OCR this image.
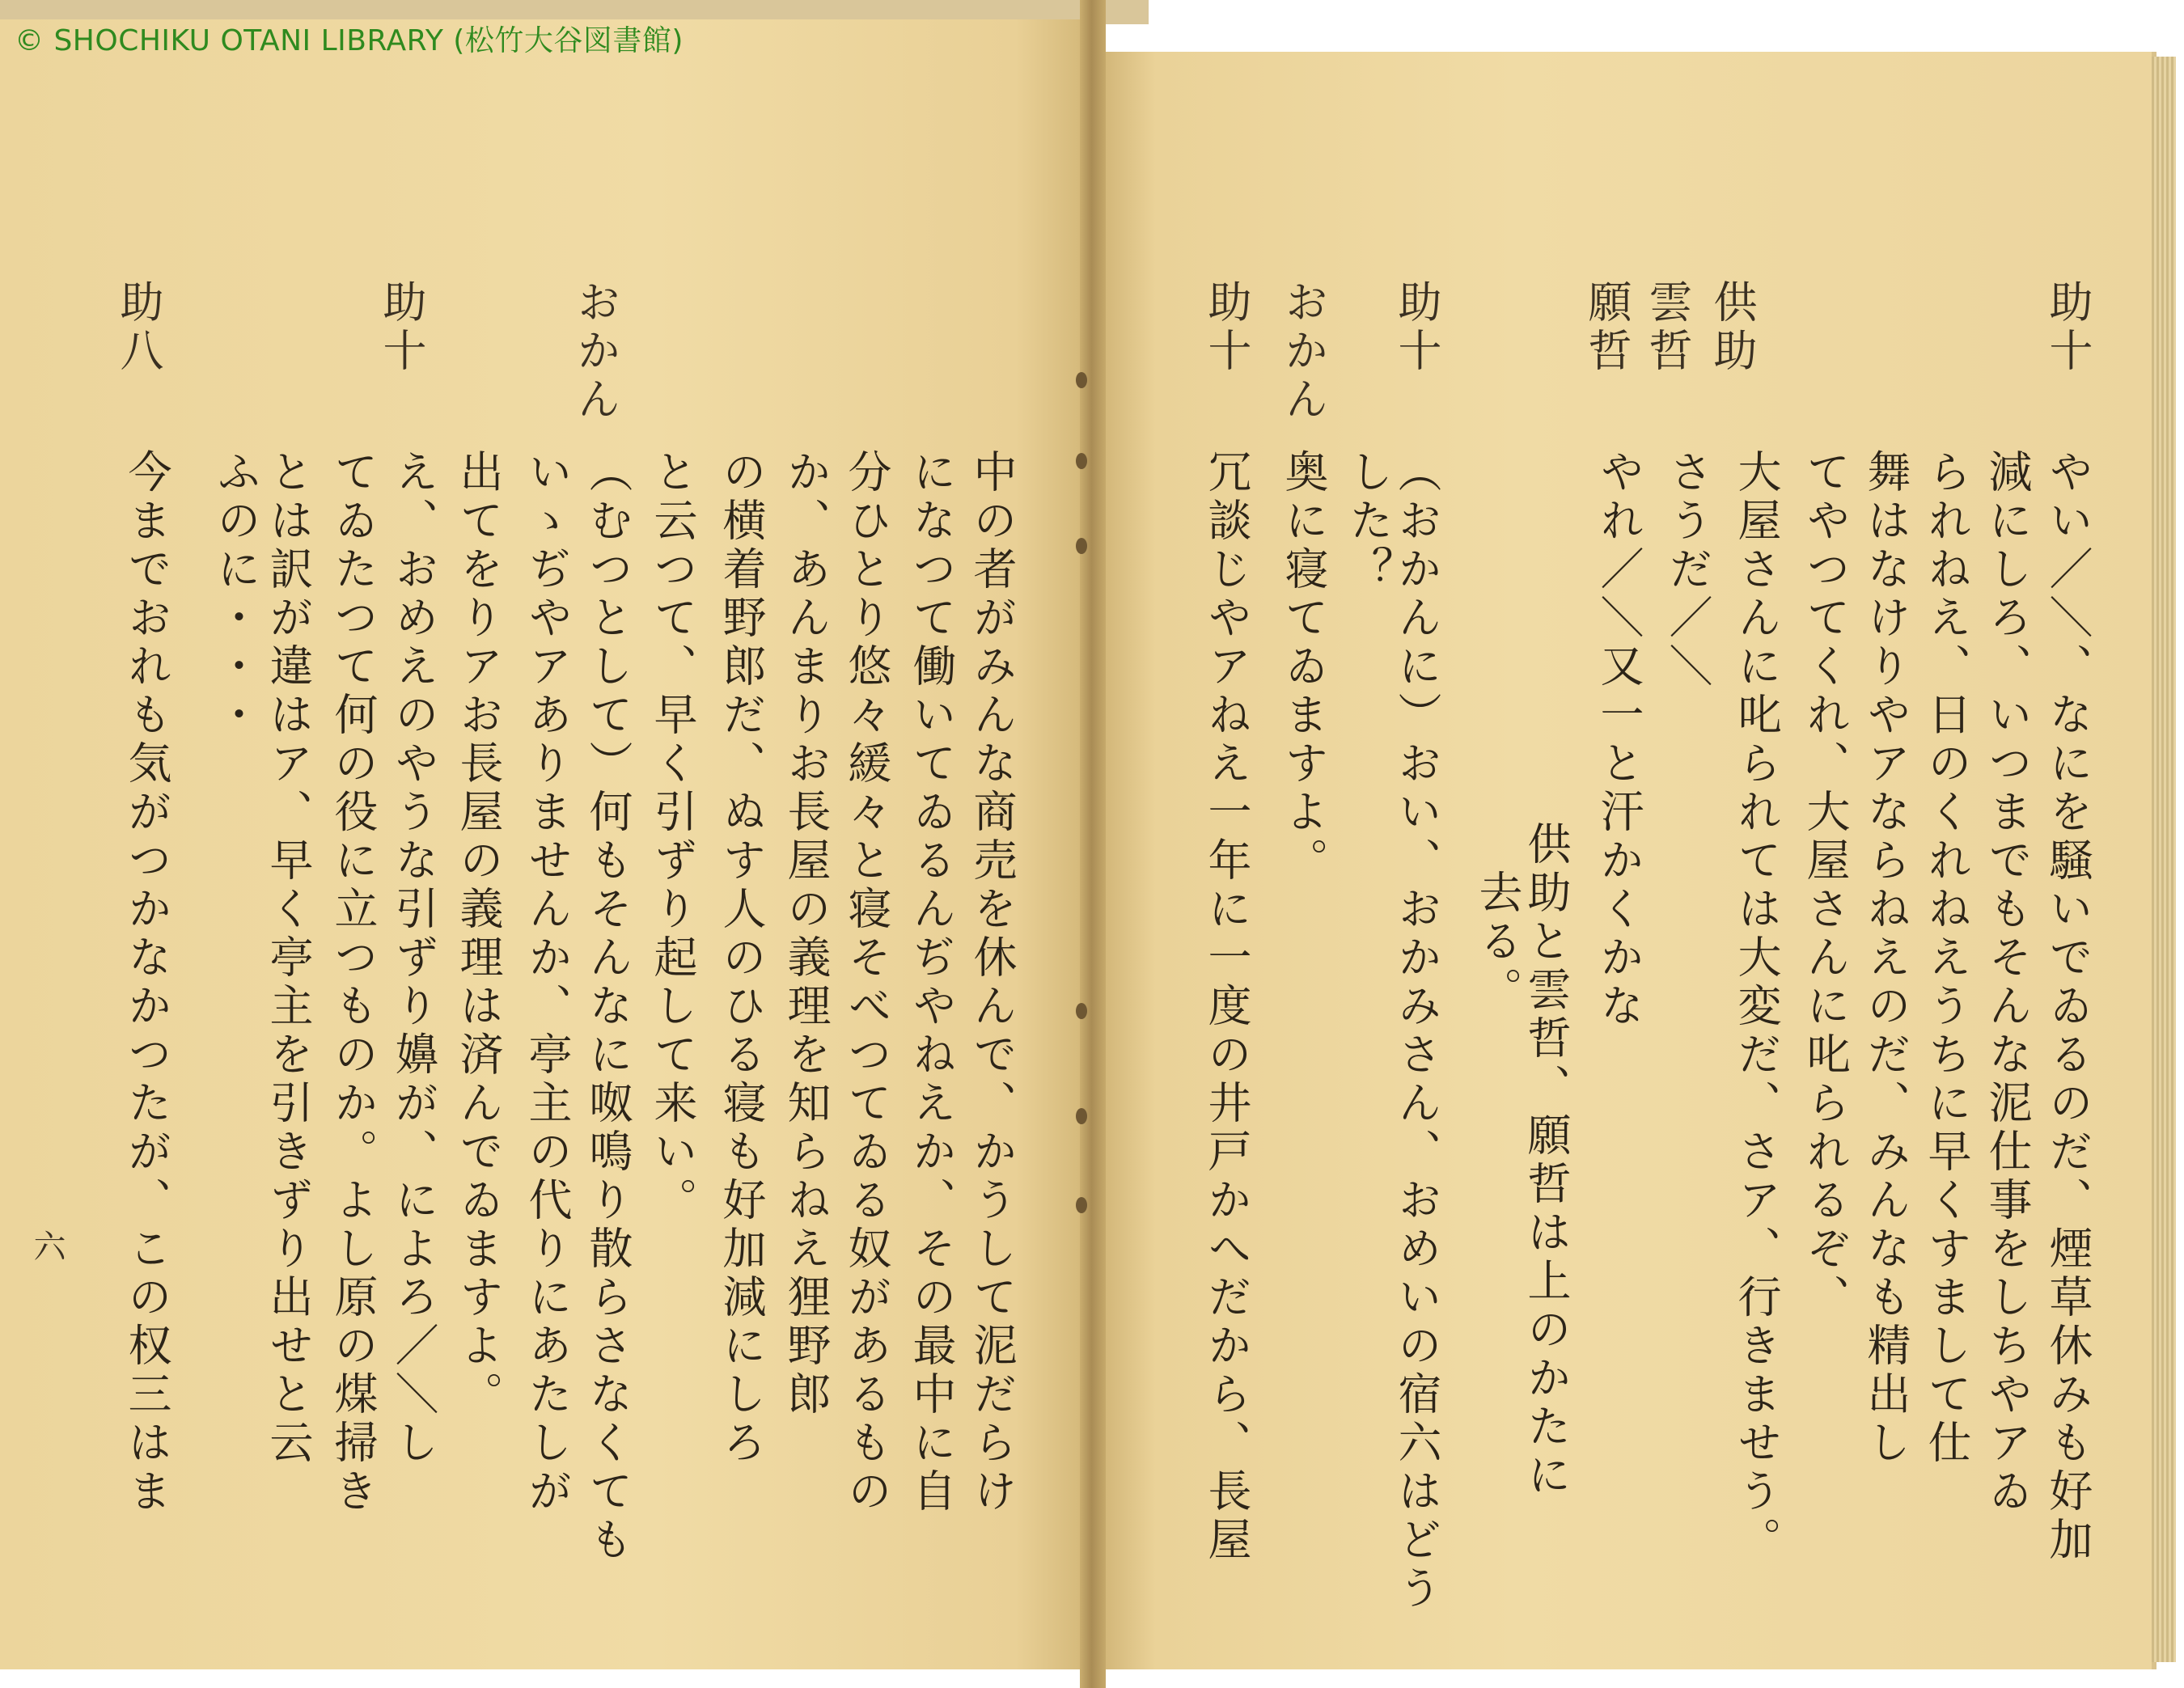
助十
やい／＼、なにを騒いでゐるのだ、煙草休みも好加
減にしろ、いつまでもそんな泥仕事をしちやアゐ
られねえ、日のくれねえうちに早くすまして仕
舞はなけりやアならねえのだ、みんなも精出し
てやつてくれ、大屋さんに叱られるぞ、
大屋さんに叱られては大変だ、さア、行きませう。
供助
雲哲
さうだ／＼
願哲
やれ／＼又一と汗かくかな
供助と雲哲、願哲は上のかたに
去る。
助十
（おかんに）おい、おかみさん、おめいの宿六はどう
した？
おかん
奥に寝てゐますよ。
助十
冗談じやアねえ一年に一度の井戸かへだから、長屋
中の者がみんな商売を休んで、かうして泥だらけ
になつて働いてゐるんぢやねえか、その最中に自
分ひとり悠々緩々と寝そべつてゐる奴があるもの
か、あんまりお長屋の義理を知らねえ狸野郎
の横着野郎だ、ぬす人のひる寝も好加減にしろ
と云つて、早く引ずり起して来い。
おかん
（むつとして）何もそんなに呶鳴り散らさなくても
いゝぢやアありませんか、亭主の代りにあたしが
出てをりアお長屋の義理は済んでゐますよ。
助十
え、おめえのやうな引ずり嬶が、によろ／＼し
てゐたつて何の役に立つものか。よし原の煤掃き
とは訳が違はア、早く亭主を引きずり出せと云
ふのに・・・
助八
今までおれも気がつかなかつたが、この权三はま
六
© SHOCHIKU OTANI LIBRARY (松竹大谷図書館)
